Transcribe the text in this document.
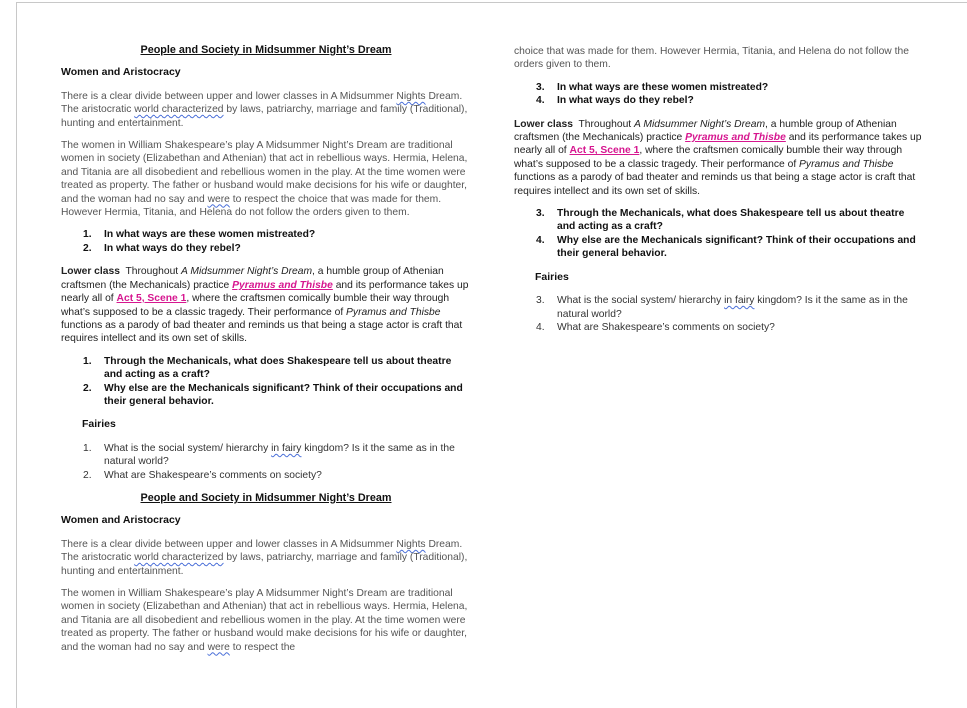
People and Society in Midsummer Night’s Dream
Women and Aristocracy

There is a clear divide between upper and lower classes in A Midsummer Nights Dream. The aristocratic world characterized by laws, patriarchy, marriage and family (Traditional), hunting and entertainment.

The women in William Shakespeare’s play A Midsummer Night’s Dream are traditional women in society (Elizabethan and Athenian) that act in rebellious ways. Hermia, Helena, and Titania are all disobedient and rebellious women in the play. At the time women were treated as property. The father or husband would make decisions for his wife or daughter, and the woman had no say and were to respect the choice that was made for them. However Hermia, Titania, and Helena do not follow the orders given to them.

1. In what ways are these women mistreated?
2. In what ways do they rebel?

Lower class  Throughout A Midsummer Night’s Dream, a humble group of Athenian craftsmen (the Mechanicals) practice Pyramus and Thisbe and its performance takes up nearly all of Act 5, Scene 1, where the craftsmen comically bumble their way through what’s supposed to be a classic tragedy. Their performance of Pyramus and Thisbe functions as a parody of bad theater and reminds us that being a stage actor is craft that requires intellect and its own set of skills.

1. Through the Mechanicals, what does Shakespeare tell us about theatre and acting as a craft?
2. Why else are the Mechanicals significant? Think of their occupations and their general behavior.
Fairies
1. What is the social system/ hierarchy in fairy kingdom? Is it the same as in the natural world?
2. What are Shakespeare’s comments on society?
People and Society in Midsummer Night’s Dream
Women and Aristocracy

There is a clear divide between upper and lower classes in A Midsummer Nights Dream. The aristocratic world characterized by laws, patriarchy, marriage and family (Traditional), hunting and entertainment.

The women in William Shakespeare’s play A Midsummer Night’s Dream are traditional women in society (Elizabethan and Athenian) that act in rebellious ways. Hermia, Helena, and Titania are all disobedient and rebellious women in the play. At the time women were treated as property. The father or husband would make decisions for his wife or daughter, and the woman had no say and were to respect the

choice that was made for them. However Hermia, Titania, and Helena do not follow the orders given to them.

3. In what ways are these women mistreated?
4. In what ways do they rebel?

Lower class  Throughout A Midsummer Night’s Dream, a humble group of Athenian craftsmen (the Mechanicals) practice Pyramus and Thisbe and its performance takes up nearly all of Act 5, Scene 1, where the craftsmen comically bumble their way through what’s supposed to be a classic tragedy. Their performance of Pyramus and Thisbe functions as a parody of bad theater and reminds us that being a stage actor is craft that requires intellect and its own set of skills.

3. Through the Mechanicals, what does Shakespeare tell us about theatre and acting as a craft?
4. Why else are the Mechanicals significant? Think of their occupations and their general behavior.
Fairies
3. What is the social system/ hierarchy in fairy kingdom? Is it the same as in the natural world?
4. What are Shakespeare’s comments on society?
